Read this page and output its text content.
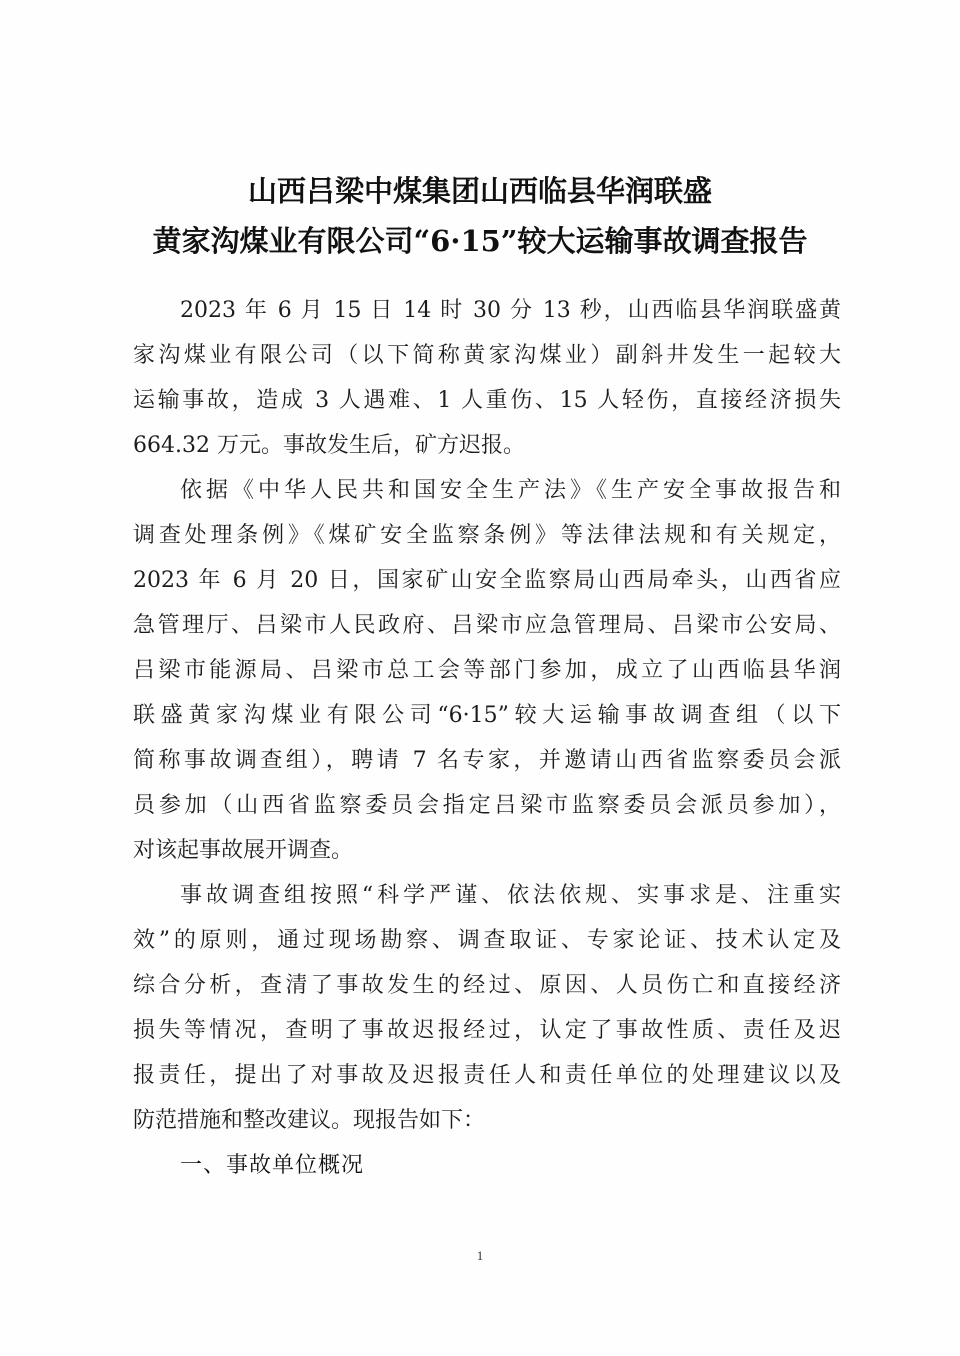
山西吕梁中煤集团山西临县华润联盛
黄家沟煤业有限公司“6·15”较大运输事故调查报告
2023 年 6 月 15 日 14 时 30 分 13 秒，山西临县华润联盛黄
家沟煤业有限公司（以下简称黄家沟煤业）副斜井发生一起较大
运输事故，造成 3 人遇难、1 人重伤、15 人轻伤，直接经济损失
664.32 万元。事故发生后，矿方迟报。
依据《中华人民共和国安全生产法》《生产安全事故报告和
调查处理条例》《煤矿安全监察条例》等法律法规和有关规定，
2023 年 6 月 20 日，国家矿山安全监察局山西局牵头，山西省应
急管理厅、吕梁市人民政府、吕梁市应急管理局、吕梁市公安局、
吕梁市能源局、吕梁市总工会等部门参加，成立了山西临县华润
联盛黄家沟煤业有限公司“6·15”较大运输事故调查组（以下
简称事故调查组），聘请 7 名专家，并邀请山西省监察委员会派
员参加（山西省监察委员会指定吕梁市监察委员会派员参加），
对该起事故展开调查。
事故调查组按照“科学严谨、依法依规、实事求是、注重实
效”的原则，通过现场勘察、调查取证、专家论证、技术认定及
综合分析，查清了事故发生的经过、原因、人员伤亡和直接经济
损失等情况，查明了事故迟报经过，认定了事故性质、责任及迟
报责任，提出了对事故及迟报责任人和责任单位的处理建议以及
防范措施和整改建议。现报告如下：
一、事故单位概况
1
